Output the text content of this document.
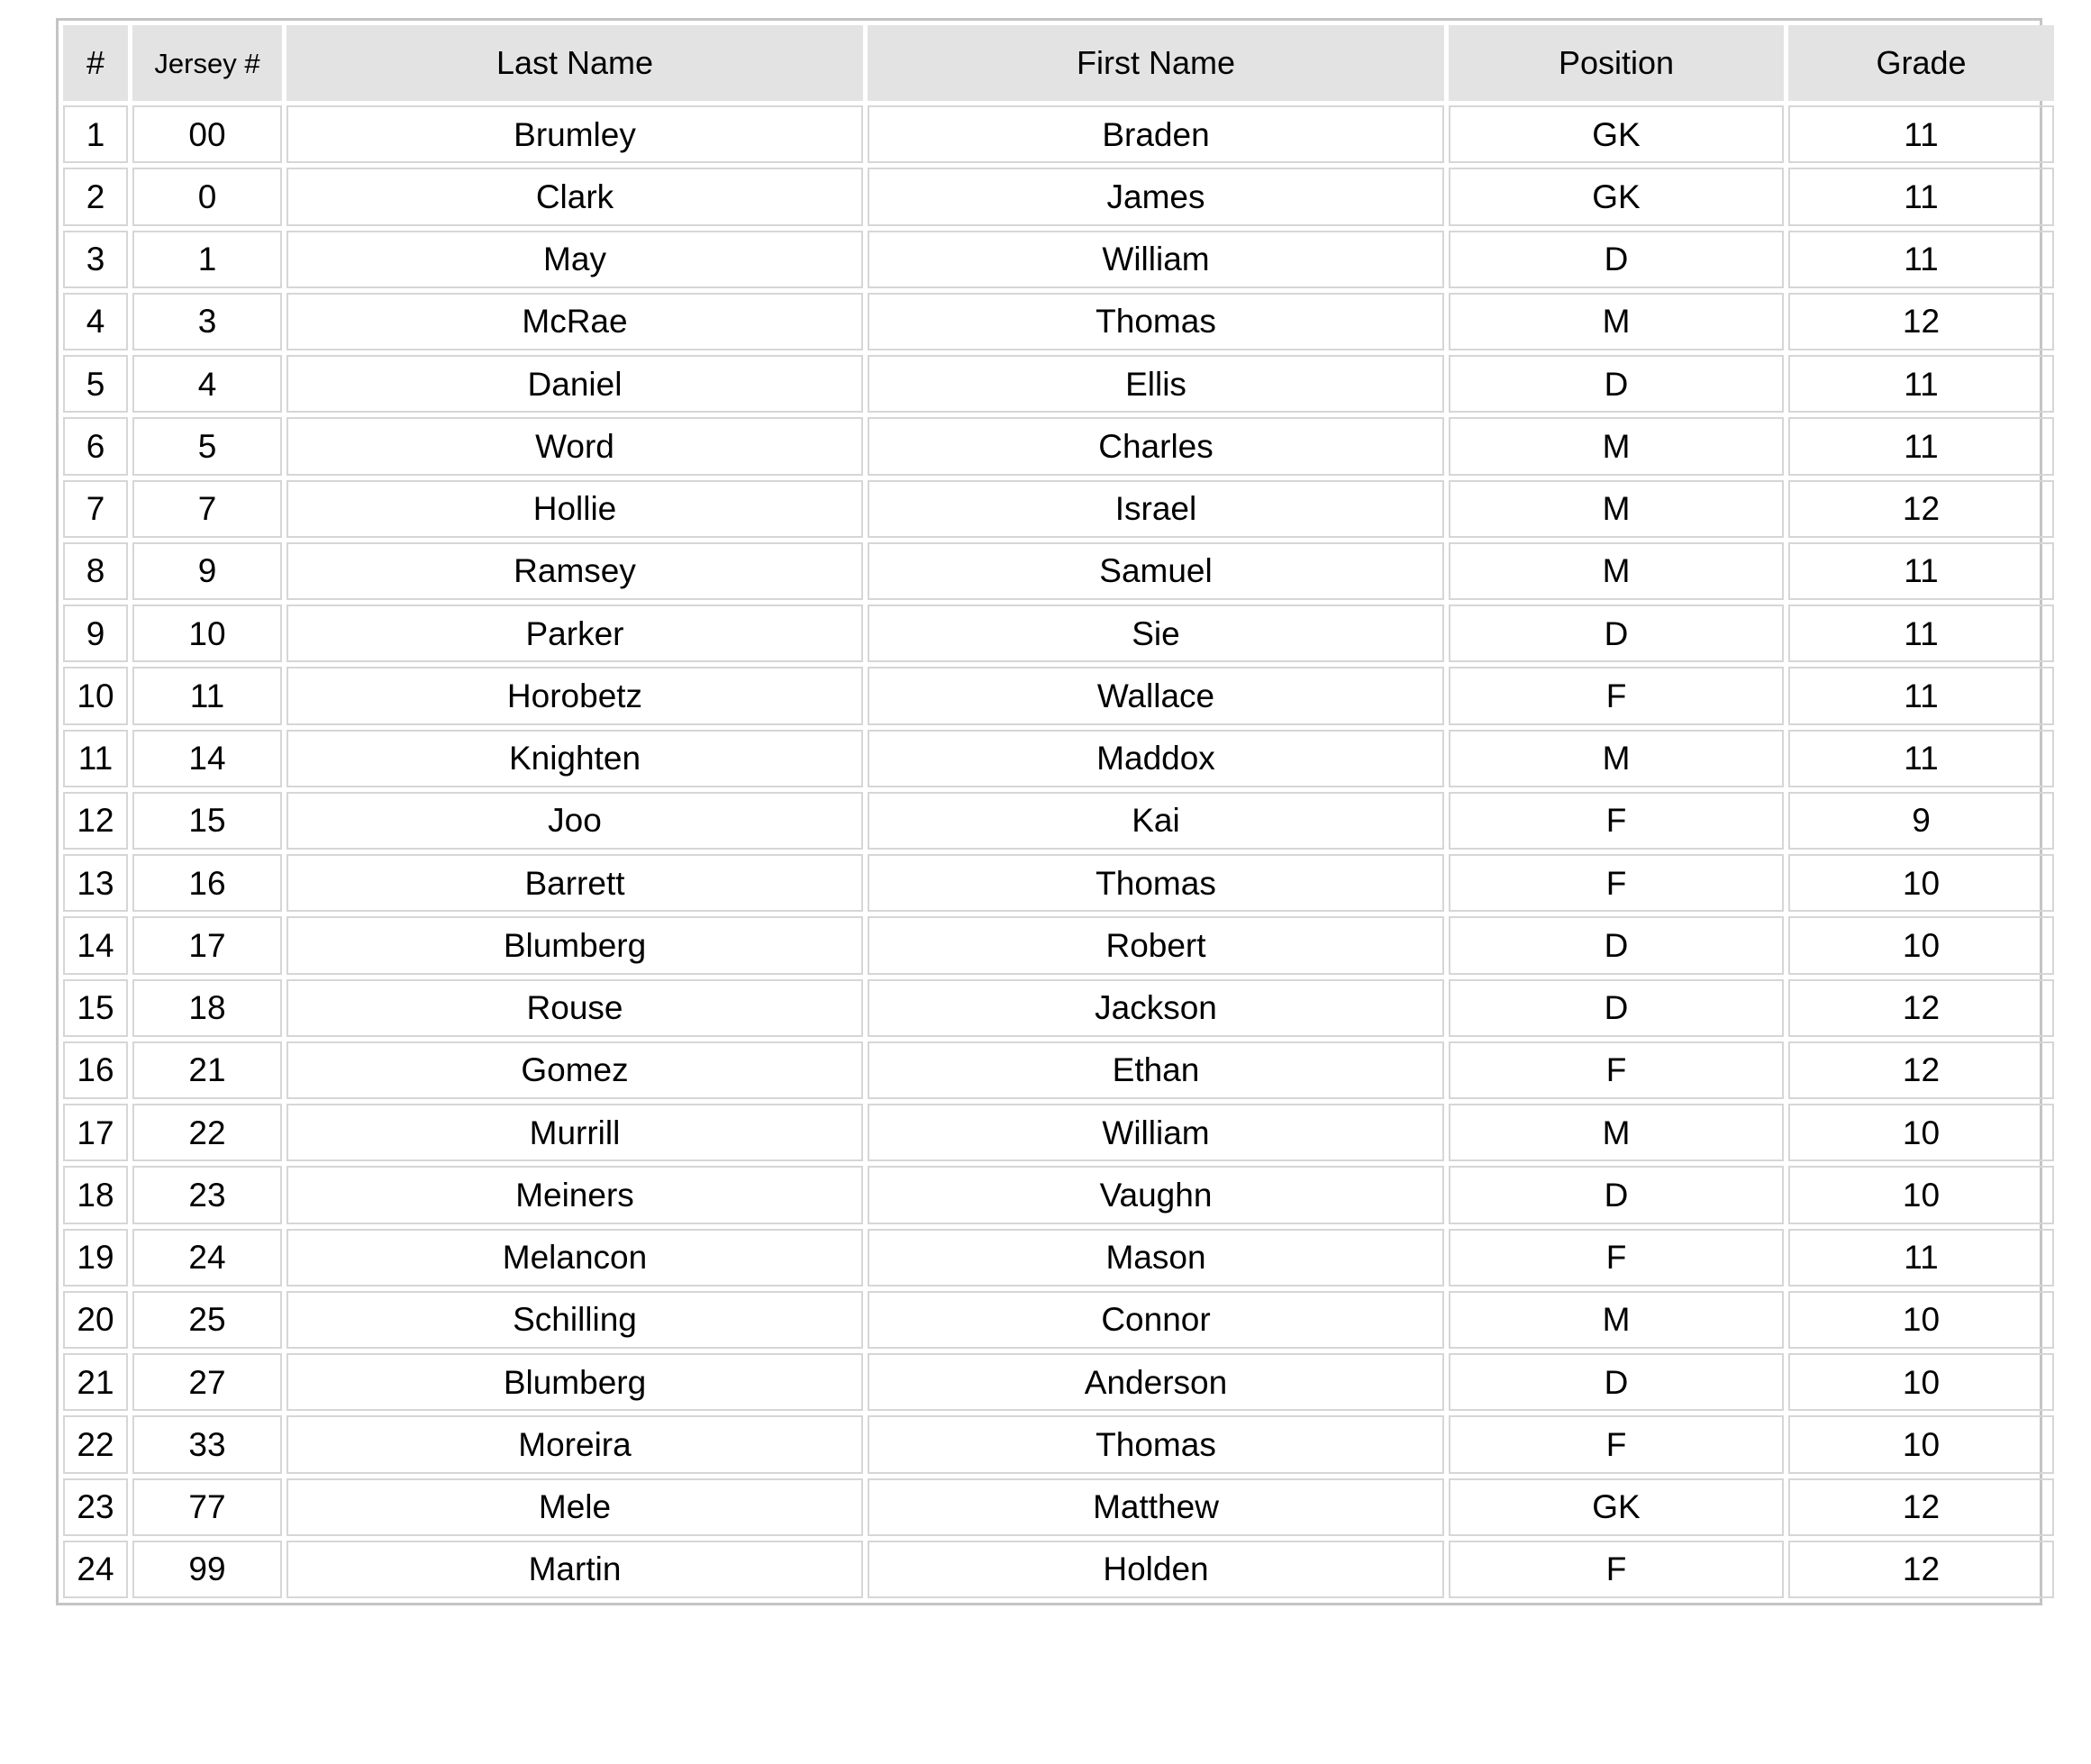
#	Jersey #	Last Name	First Name	Position	Grade
1	00	Brumley	Braden	GK	11
2	0	Clark	James	GK	11
3	1	May	William	D	11
4	3	McRae	Thomas	M	12
5	4	Daniel	Ellis	D	11
6	5	Word	Charles	M	11
7	7	Hollie	Israel	M	12
8	9	Ramsey	Samuel	M	11
9	10	Parker	Sie	D	11
10	11	Horobetz	Wallace	F	11
11	14	Knighten	Maddox	M	11
12	15	Joo	Kai	F	9
13	16	Barrett	Thomas	F	10
14	17	Blumberg	Robert	D	10
15	18	Rouse	Jackson	D	12
16	21	Gomez	Ethan	F	12
17	22	Murrill	William	M	10
18	23	Meiners	Vaughn	D	10
19	24	Melancon	Mason	F	11
20	25	Schilling	Connor	M	10
21	27	Blumberg	Anderson	D	10
22	33	Moreira	Thomas	F	10
23	77	Mele	Matthew	GK	12
24	99	Martin	Holden	F	12
